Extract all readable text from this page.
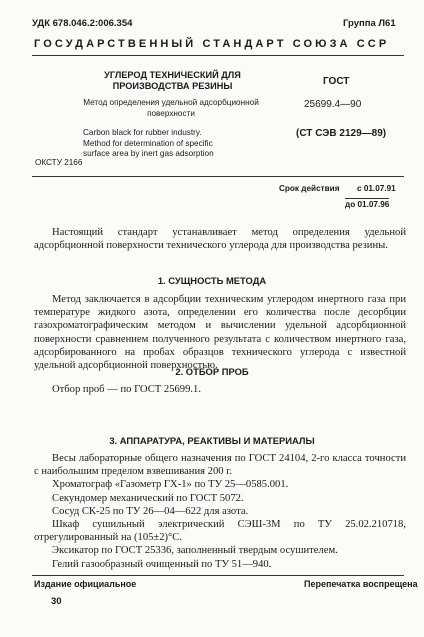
УДК 678.046.2:006.354	Группа Л61
ГОСУДАРСТВЕННЫЙ СТАНДАРТ СОЮЗА ССР
УГЛЕРОД ТЕХНИЧЕСКИЙ ДЛЯ ПРОИЗВОДСТВА РЕЗИНЫ
Метод определения удельной адсорбционной поверхности
Carbon black for rubber industry.
Method for determination of specific
surface area by inert gas adsorption
ОКСТУ 2166
ГОСТ
25699.4—90
(СТ СЭВ 2129—89)
Срок действия с 01.07.91
до 01.07.96

Настоящий стандарт устанавливает метод определения удельной адсорбционной поверхности технического углерода для производства резины.

1. СУЩНОСТЬ МЕТОДА

Метод заключается в адсорбции техническим углеродом инертного газа при температуре жидкого азота, определении его количества после десорбции газохроматографическим методом и вычислении удельной адсорбционной поверхности сравнением полученного результата с количеством инертного газа, адсорбированного на пробах образцов технического углерода с известной удельной адсорбционной поверхностью.

2. ОТБОР ПРОБ

Отбор проб — по ГОСТ 25699.1.

3. АППАРАТУРА, РЕАКТИВЫ И МАТЕРИАЛЫ

Весы лабораторные общего назначения по ГОСТ 24104, 2-го класса точности с наибольшим пределом взвешивания 200 г.

Хроматограф «Газометр ГХ-1» по ТУ 25—0585.001.

Секундомер механический по ГОСТ 5072.

Сосуд СК-25 по ТУ 26—04—622 для азота.

Шкаф сушильный электрический СЭШ-3М по ТУ 25.02.210718, отрегулированный на (105±2)°С.

Эксикатор по ГОСТ 25336, заполненный твердым осушителем.

Гелий газообразный очищенный по ТУ 51—940.

Издание официальное	Перепечатка воспрещена
30
